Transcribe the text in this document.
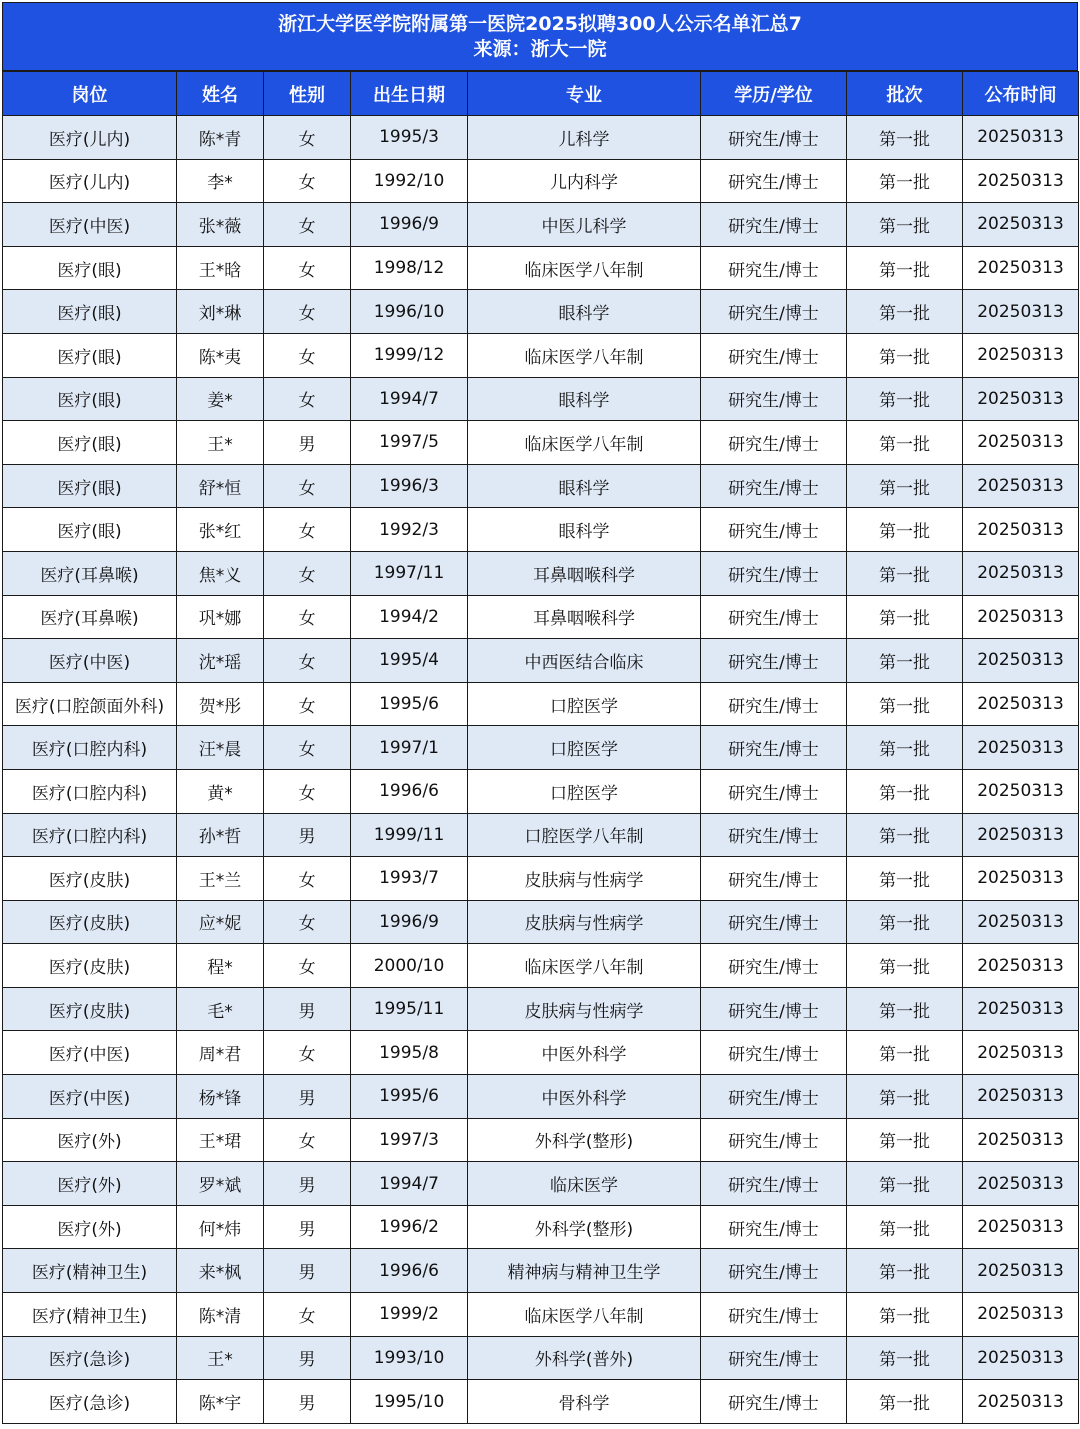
浙江大学医学院附属第一医院2025拟聘300人公示名单汇总7
来源：浙大一院
岗位	姓名	性别	出生日期	专业	学历/学位	批次	公布时间
医疗(儿内)	陈*青	女	1995/3	儿科学	研究生/博士	第一批	20250313
医疗(儿内)	李*	女	1992/10	儿内科学	研究生/博士	第一批	20250313
医疗(中医)	张*薇	女	1996/9	中医儿科学	研究生/博士	第一批	20250313
医疗(眼)	王*晗	女	1998/12	临床医学八年制	研究生/博士	第一批	20250313
医疗(眼)	刘*琳	女	1996/10	眼科学	研究生/博士	第一批	20250313
医疗(眼)	陈*夷	女	1999/12	临床医学八年制	研究生/博士	第一批	20250313
医疗(眼)	姜*	女	1994/7	眼科学	研究生/博士	第一批	20250313
医疗(眼)	王*	男	1997/5	临床医学八年制	研究生/博士	第一批	20250313
医疗(眼)	舒*恒	女	1996/3	眼科学	研究生/博士	第一批	20250313
医疗(眼)	张*红	女	1992/3	眼科学	研究生/博士	第一批	20250313
医疗(耳鼻喉)	焦*义	女	1997/11	耳鼻咽喉科学	研究生/博士	第一批	20250313
医疗(耳鼻喉)	巩*娜	女	1994/2	耳鼻咽喉科学	研究生/博士	第一批	20250313
医疗(中医)	沈*瑶	女	1995/4	中西医结合临床	研究生/博士	第一批	20250313
医疗(口腔颌面外科)	贺*彤	女	1995/6	口腔医学	研究生/博士	第一批	20250313
医疗(口腔内科)	汪*晨	女	1997/1	口腔医学	研究生/博士	第一批	20250313
医疗(口腔内科)	黄*	女	1996/6	口腔医学	研究生/博士	第一批	20250313
医疗(口腔内科)	孙*哲	男	1999/11	口腔医学八年制	研究生/博士	第一批	20250313
医疗(皮肤)	王*兰	女	1993/7	皮肤病与性病学	研究生/博士	第一批	20250313
医疗(皮肤)	应*妮	女	1996/9	皮肤病与性病学	研究生/博士	第一批	20250313
医疗(皮肤)	程*	女	2000/10	临床医学八年制	研究生/博士	第一批	20250313
医疗(皮肤)	毛*	男	1995/11	皮肤病与性病学	研究生/博士	第一批	20250313
医疗(中医)	周*君	女	1995/8	中医外科学	研究生/博士	第一批	20250313
医疗(中医)	杨*锋	男	1995/6	中医外科学	研究生/博士	第一批	20250313
医疗(外)	王*珺	女	1997/3	外科学(整形)	研究生/博士	第一批	20250313
医疗(外)	罗*斌	男	1994/7	临床医学	研究生/博士	第一批	20250313
医疗(外)	何*炜	男	1996/2	外科学(整形)	研究生/博士	第一批	20250313
医疗(精神卫生)	来*枫	男	1996/6	精神病与精神卫生学	研究生/博士	第一批	20250313
医疗(精神卫生)	陈*清	女	1999/2	临床医学八年制	研究生/博士	第一批	20250313
医疗(急诊)	王*	男	1993/10	外科学(普外)	研究生/博士	第一批	20250313
医疗(急诊)	陈*宇	男	1995/10	骨科学	研究生/博士	第一批	20250313
